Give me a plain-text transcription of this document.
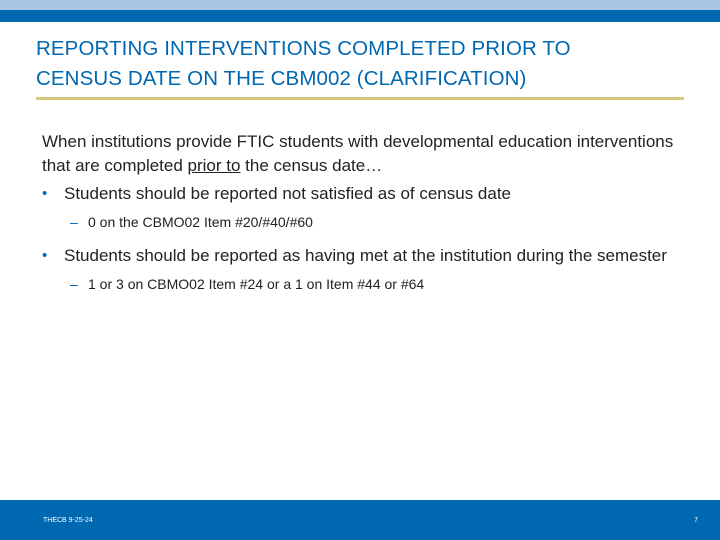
REPORTING INTERVENTIONS COMPLETED PRIOR TO
CENSUS DATE ON THE CBM002 (CLARIFICATION)

When institutions provide FTIC students with developmental education interventions that are completed prior to the census date…

• Students should be reported not satisfied as of census date
– 0 on the CBMO02 Item #20/#40/#60
• Students should be reported as having met at the institution during the semester
– 1 or 3 on CBMO02 Item #24 or a 1 on Item #44 or #64
THECB 9-25-24	7
